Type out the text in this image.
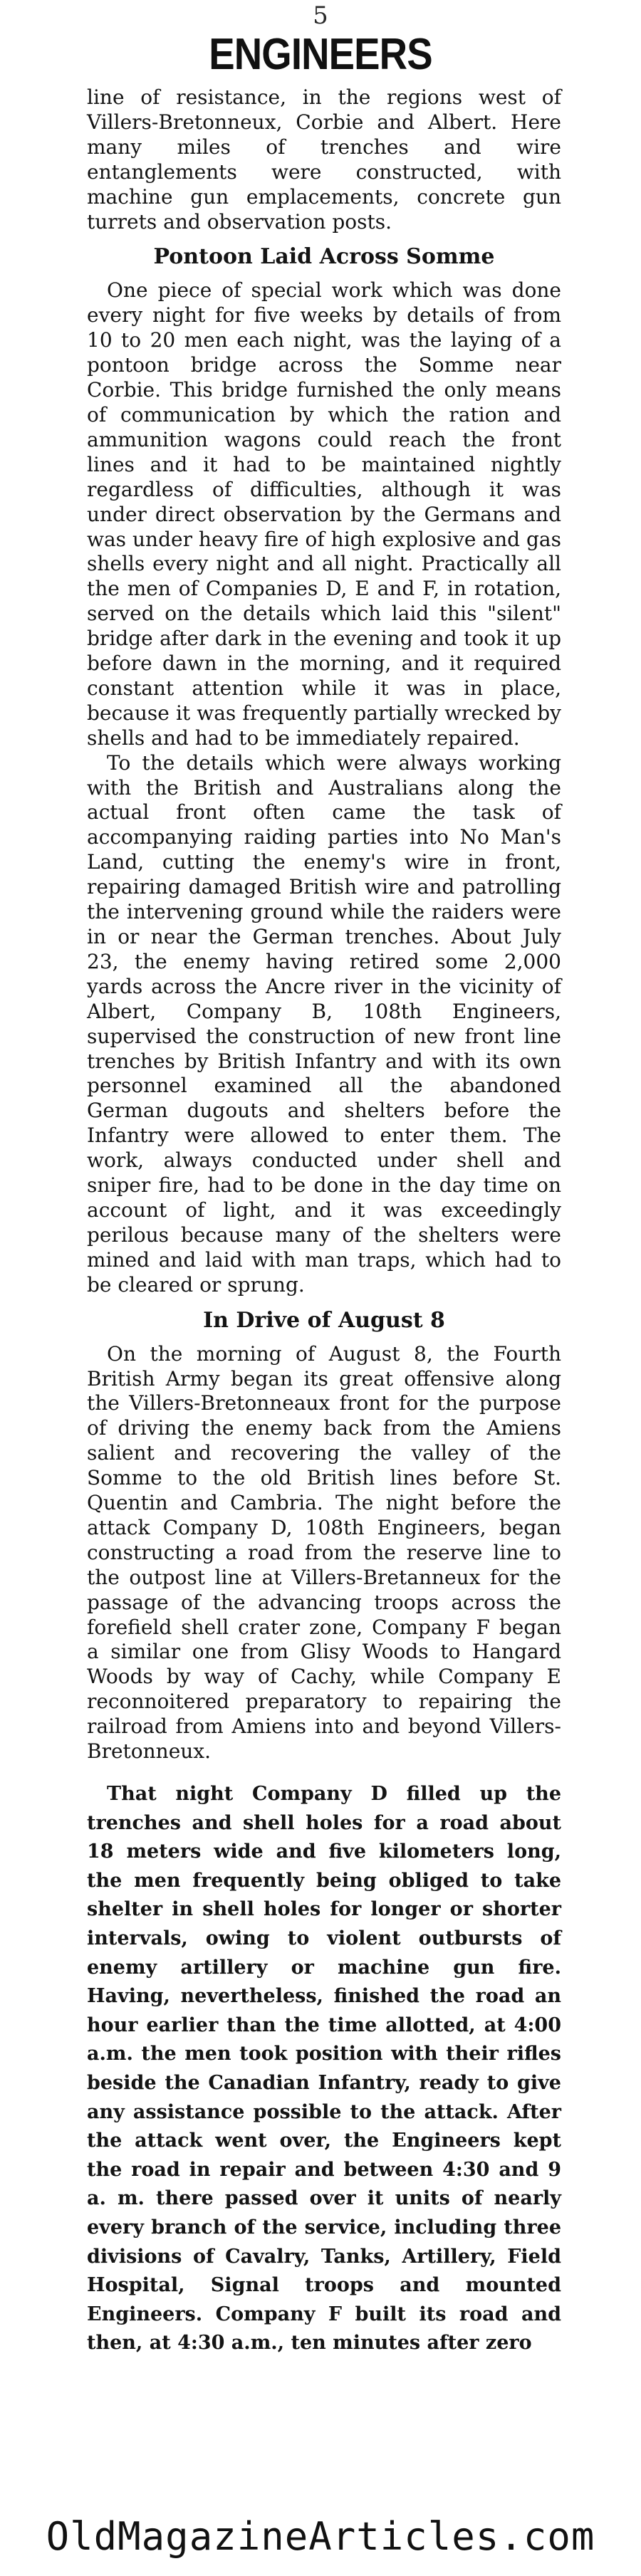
5
ENGINEERS

line of resistance, in the regions west of Villers-Bretonneux, Corbie and Albert. Here many miles of trenches and wire entanglements were constructed, with machine gun emplacements, concrete gun turrets and observation posts.

Pontoon Laid Across Somme

One piece of special work which was done every night for five weeks by details of from 10 to 20 men each night, was the laying of a pontoon bridge across the Somme near Corbie. This bridge furnished the only means of communication by which the ration and ammunition wagons could reach the front lines and it had to be maintained nightly regardless of difficulties, although it was under direct observation by the Germans and was under heavy fire of high explosive and gas shells every night and all night. Practically all the men of Companies D, E and F, in rotation, served on the details which laid this "silent" bridge after dark in the evening and took it up before dawn in the morning, and it required constant attention while it was in place, because it was frequently partially wrecked by shells and had to be immediately repaired.

To the details which were always working with the British and Australians along the actual front often came the task of accompanying raiding parties into No Man's Land, cutting the enemy's wire in front, repairing damaged British wire and patrolling the intervening ground while the raiders were in or near the German trenches. About July 23, the enemy having retired some 2,000 yards across the Ancre river in the vicinity of Albert, Company B, 108th Engineers, supervised the construction of new front line trenches by British Infantry and with its own personnel examined all the abandoned German dugouts and shelters before the Infantry were allowed to enter them. The work, always conducted under shell and sniper fire, had to be done in the day time on account of light, and it was exceedingly perilous because many of the shelters were mined and laid with man traps, which had to be cleared or sprung.

In Drive of August 8

On the morning of August 8, the Fourth British Army began its great offensive along the Villers-Bretonneaux front for the purpose of driving the enemy back from the Amiens salient and recovering the valley of the Somme to the old British lines before St. Quentin and Cambria. The night before the attack Company D, 108th Engineers, began constructing a road from the reserve line to the outpost line at Villers-Bretanneux for the passage of the advancing troops across the forefield shell crater zone, Company F began a similar one from Glisy Woods to Hangard Woods by way of Cachy, while Company E reconnoitered preparatory to repairing the railroad from Amiens into and beyond Villers-Bretonneux.

That night Company D filled up the trenches and shell holes for a road about 18 meters wide and five kilometers long, the men frequently being obliged to take shelter in shell holes for longer or shorter intervals, owing to violent outbursts of enemy artillery or machine gun fire. Having, nevertheless, finished the road an hour earlier than the time allotted, at 4:00 a.m. the men took position with their rifles beside the Canadian Infantry, ready to give any assistance possible to the attack. After the attack went over, the Engineers kept the road in repair and between 4:30 and 9 a. m. there passed over it units of nearly every branch of the service, including three divisions of Cavalry, Tanks, Artillery, Field Hospital, Signal troops and mounted Engineers. Company F built its road and then, at 4:30 a.m., ten minutes after zero

OldMagazineArticles.com
